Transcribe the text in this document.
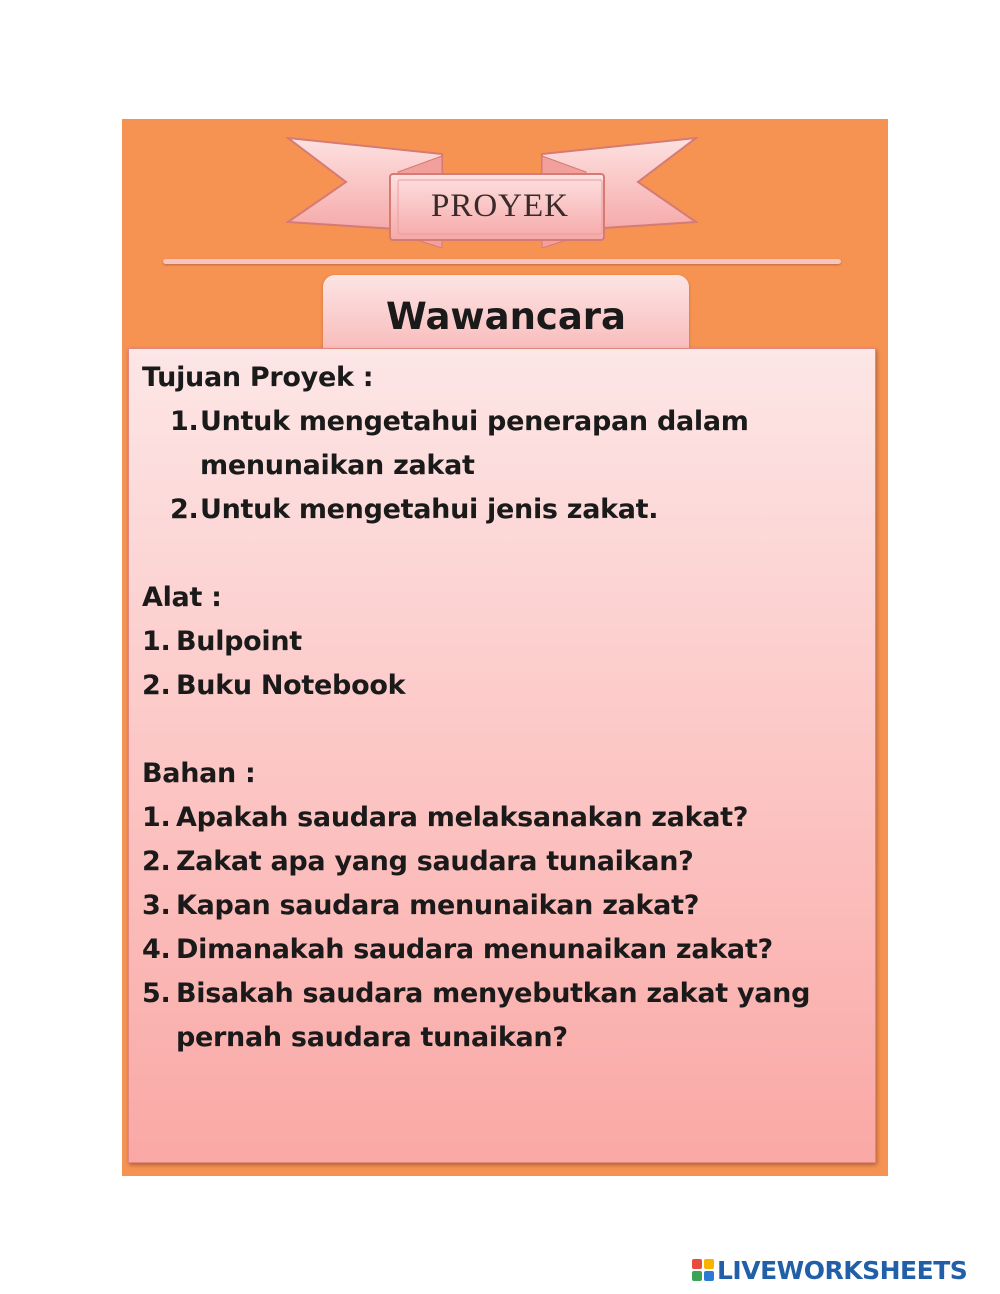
PROYEK
Wawancara
Tujuan Proyek :
1.Untuk mengetahui penerapan dalam
menunaikan zakat
2.Untuk mengetahui jenis zakat.
Alat :
1. Bulpoint
2. Buku Notebook
Bahan :
1. Apakah saudara melaksanakan zakat?
2. Zakat apa yang saudara tunaikan?
3. Kapan saudara menunaikan zakat?
4. Dimanakah saudara menunaikan zakat?
5. Bisakah saudara menyebutkan zakat yang
pernah saudara tunaikan?
LIVEWORKSHEETS
